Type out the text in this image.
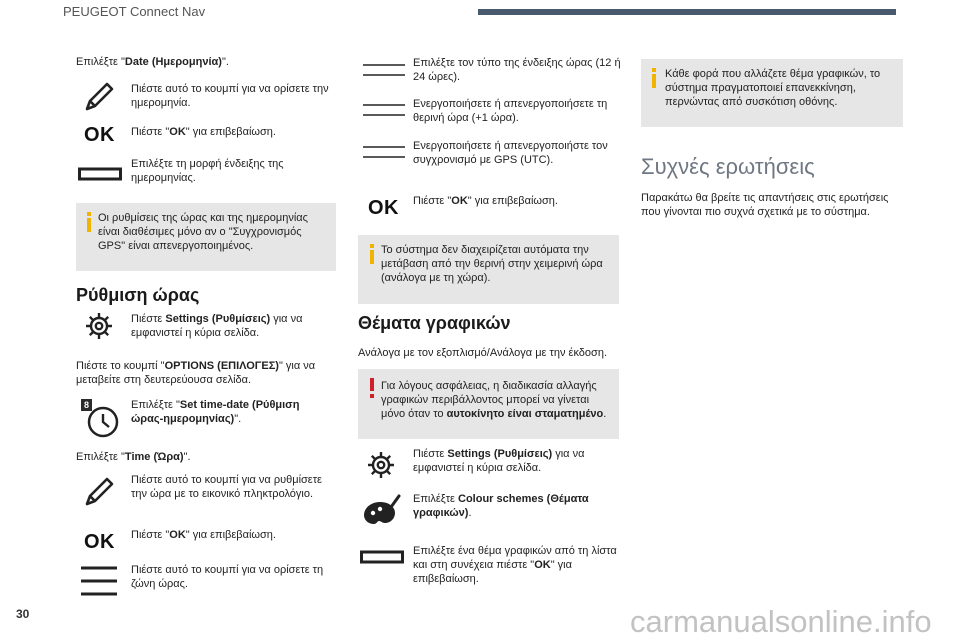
PEUGEOT Connect Nav
Επιλέξτε "Date (Ημερομηνία)".
Πιέστε αυτό το κουμπί για να ορίσετε την ημερομηνία.
OK Πιέστε "OK" για επιβεβαίωση.
Επιλέξτε τη μορφή ένδειξης της ημερομηνίας.
Οι ρυθμίσεις της ώρας και της ημερομηνίας είναι διαθέσιμες μόνο αν ο "Συγχρονισμός GPS" είναι απενεργοποιημένος.
Ρύθμιση ώρας
Πιέστε Settings (Ρυθμίσεις) για να εμφανιστεί η κύρια σελίδα.
Πιέστε το κουμπί "OPTIONS (ΕΠΙΛΟΓΕΣ)" για να μεταβείτε στη δευτερεύουσα σελίδα.
8	Επιλέξτε "Set time-date (Ρύθμιση ώρας-ημερομηνίας)".
Επιλέξτε "Time (Ώρα)".
Πιέστε αυτό το κουμπί για να ρυθμίσετε την ώρα με το εικονικό πληκτρολόγιο.
OK Πιέστε "OK" για επιβεβαίωση.
Πιέστε αυτό το κουμπί για να ορίσετε τη ζώνη ώρας.
Επιλέξτε τον τύπο της ένδειξης ώρας (12 ή 24 ώρες).
Ενεργοποιήσετε ή απενεργοποιήσετε τη θερινή ώρα (+1 ώρα).
Ενεργοποιήσετε ή απενεργοποιήστε τον συγχρονισμό με GPS (UTC).
OK Πιέστε "OK" για επιβεβαίωση.
Το σύστημα δεν διαχειρίζεται αυτόματα την μετάβαση από την θερινή στην χειμερινή ώρα (ανάλογα με τη χώρα).
Θέματα γραφικών
Ανάλογα με τον εξοπλισμό/Ανάλογα με την έκδοση.
Για λόγους ασφάλειας, η διαδικασία αλλαγής γραφικών περιβάλλοντος μπορεί να γίνεται μόνο όταν το αυτοκίνητο είναι σταματημένο.
Πιέστε Settings (Ρυθμίσεις) για να εμφανιστεί η κύρια σελίδα.
Επιλέξτε Colour schemes (Θέματα γραφικών).
Επιλέξτε ένα θέμα γραφικών από τη λίστα και στη συνέχεια πιέστε "OK" για επιβεβαίωση.
Κάθε φορά που αλλάζετε θέμα γραφικών, το σύστημα πραγματοποιεί επανεκκίνηση, περνώντας από συσκότιση οθόνης.
Συχνές ερωτήσεις
Παρακάτω θα βρείτε τις απαντήσεις στις ερωτήσεις που γίνονται πιο συχνά σχετικά με το σύστημα.
30	carmanualsonline.info
